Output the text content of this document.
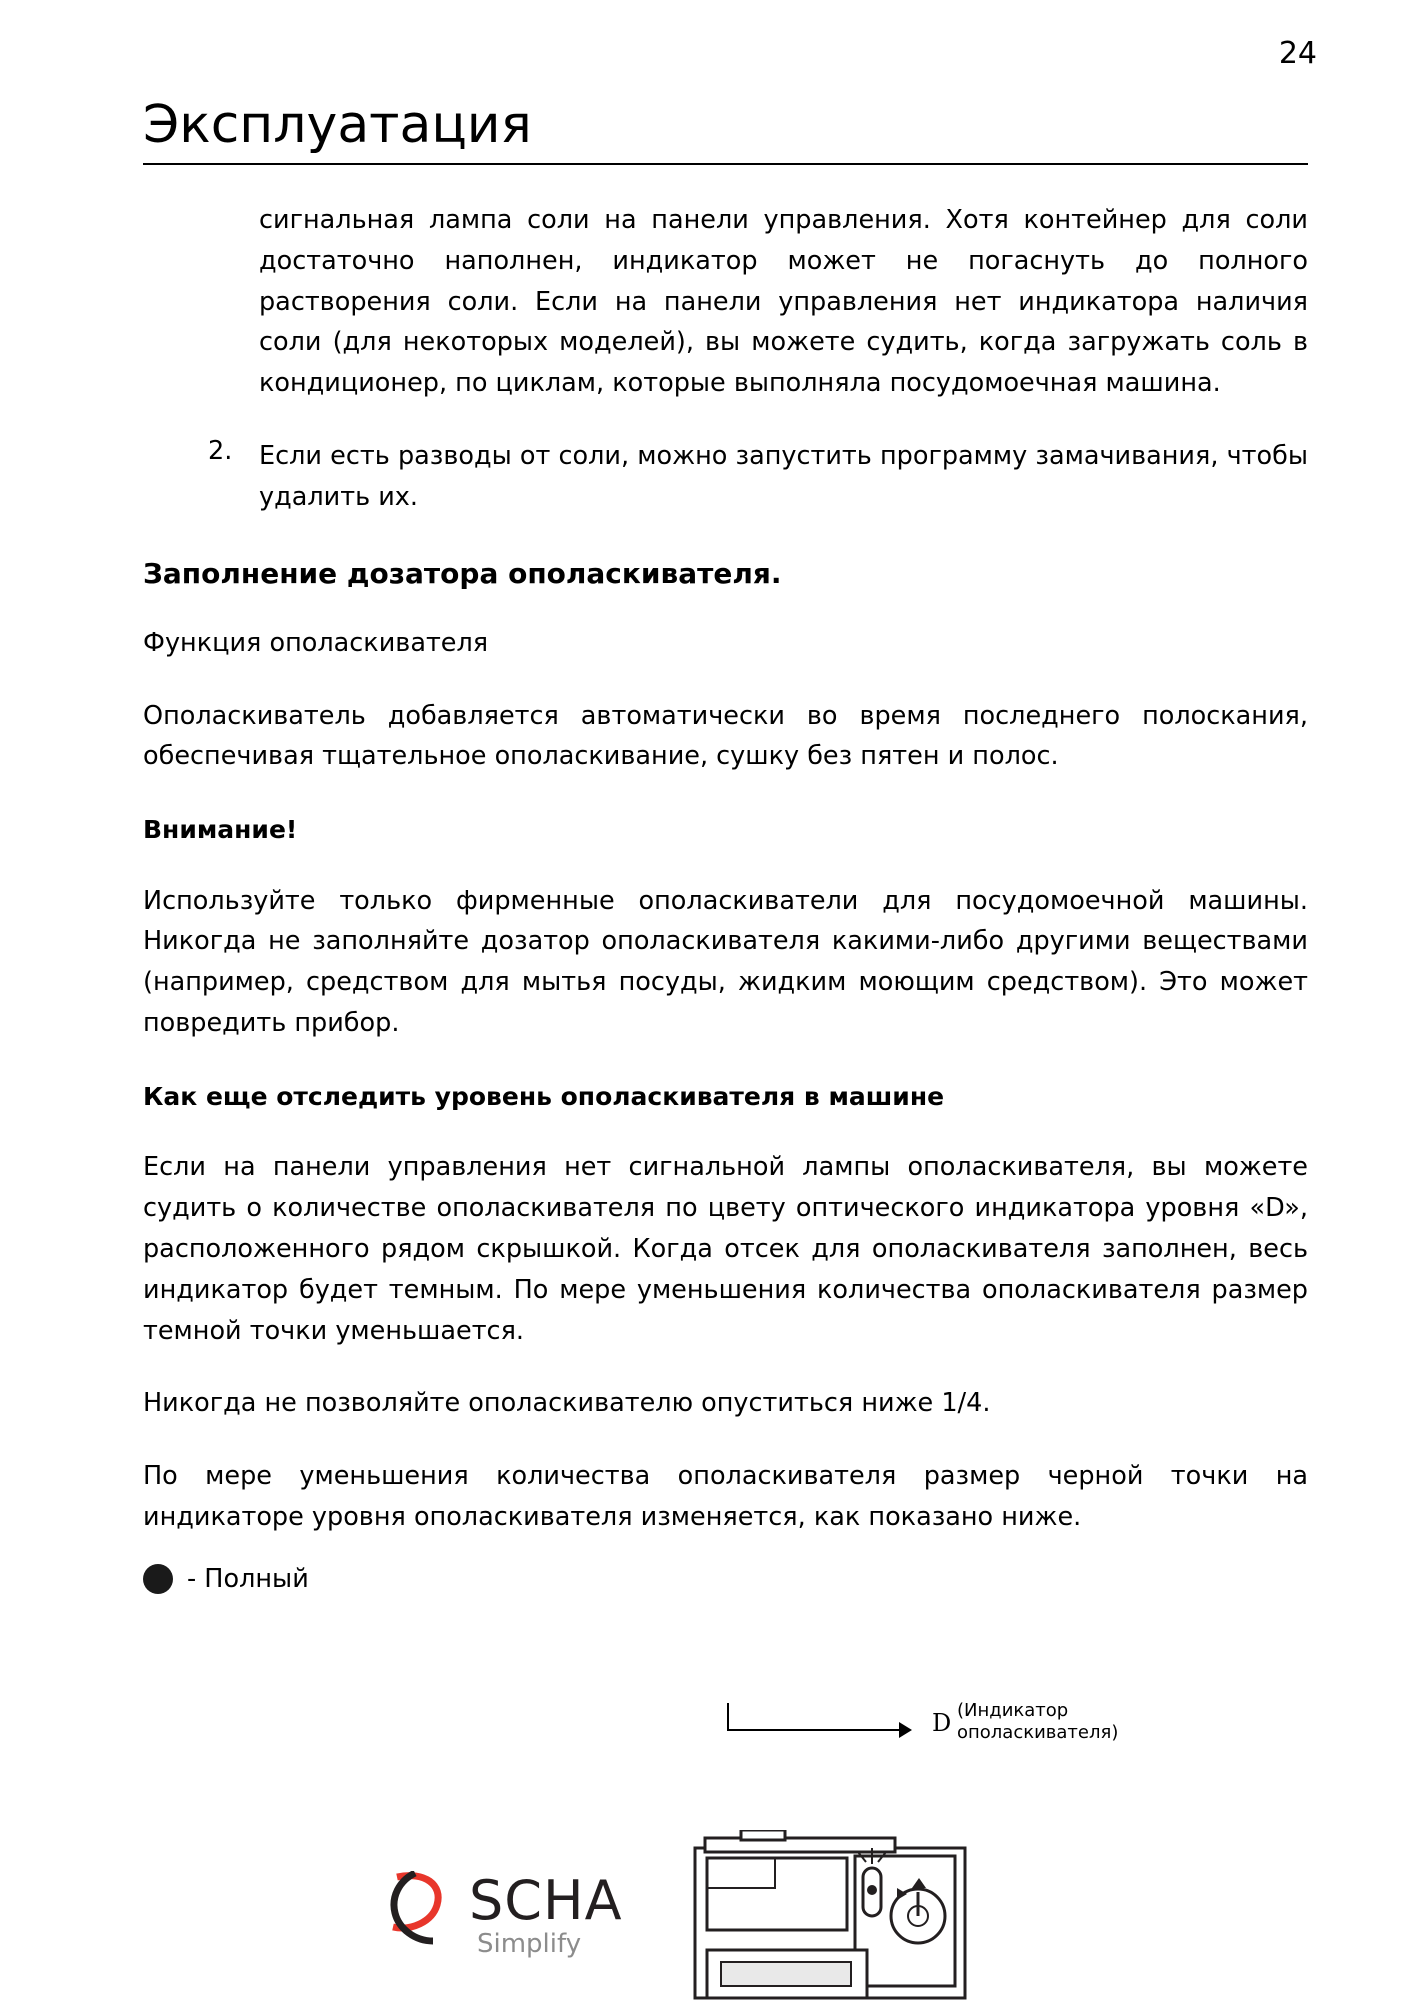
24
Эксплуатация

сигнальная лампа соли на панели управления. Хотя контейнер для соли достаточно наполнен, индикатор может не погаснуть до полного растворения соли. Если на панели управления нет индикатора наличия соли (для некоторых моделей), вы можете судить, когда загружать соль в кондиционер, по циклам, которые выполняла посудомоечная машина.

2. Если есть разводы от соли, можно запустить программу замачивания, чтобы удалить их.

Заполнение дозатора ополаскивателя.

Функция ополаскивателя

Ополаскиватель добавляется автоматически во время последнего полоскания, обеспечивая тщательное ополаскивание, сушку без пятен и полос.

Внимание!

Используйте только фирменные ополаскиватели для посудомоечной машины. Никогда не заполняйте дозатор ополаскивателя какими-либо другими веществами (например, средством для мытья посуды, жидким моющим средством). Это может повредить прибор.

Как еще отследить уровень ополаскивателя в машине

Если на панели управления нет сигнальной лампы ополаскивателя, вы можете судить о количестве ополаскивателя по цвету оптического индикатора уровня «D», расположенного рядом скрышкой. Когда отсек для ополаскивателя заполнен, весь индикатор будет темным. По мере уменьшения количества ополаскивателя размер темной точки уменьшается.

Никогда не позволяйте ополаскивателю опуститься ниже 1/4.

По мере уменьшения количества ополаскивателя размер черной точки на индикаторе уровня ополаскивателя изменяется, как показано ниже.

- Полный
D (Индикатор ополаскивателя)
SCHA
Simplify
